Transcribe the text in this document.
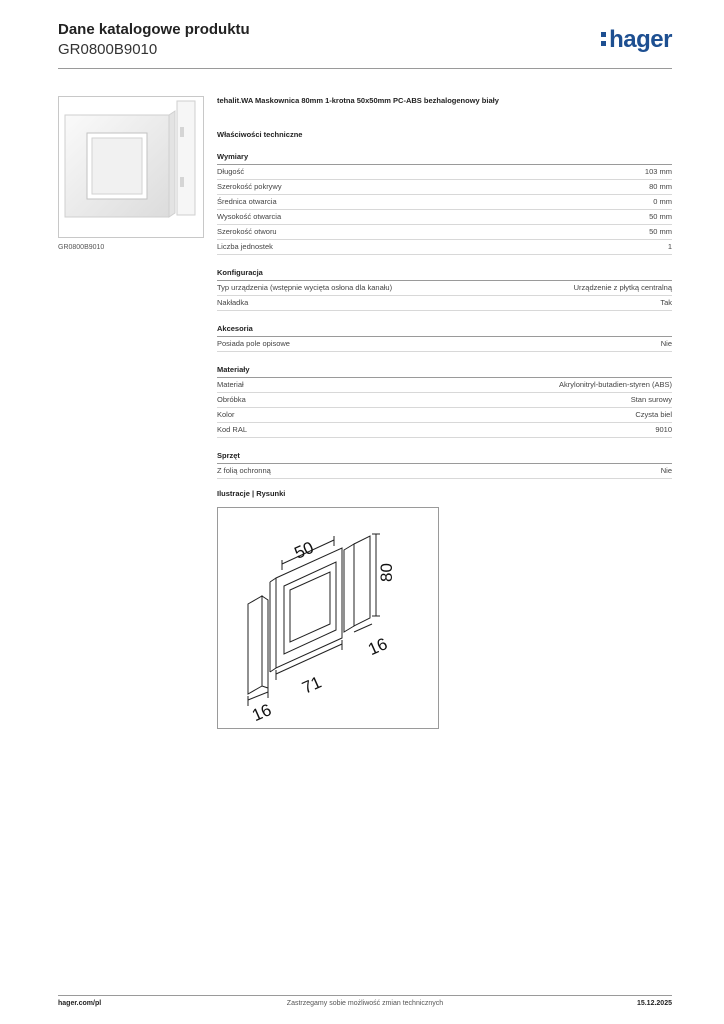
Dane katalogowe produktu
GR0800B9010	hager
GR0800B9010
tehalit.WA Maskownica 80mm 1-krotna 50x50mm PC-ABS bezhalogenowy biały
Właściwości techniczne
Wymiary
Długość	103 mm
Szerokość pokrywy	80 mm
Średnica otwarcia	0 mm
Wysokość otwarcia	50 mm
Szerokość otworu	50 mm
Liczba jednostek	1
Konfiguracja
Typ urządzenia (wstępnie wycięta osłona dla kanału)	Urządzenie z płytką centralną
Nakładka	Tak
Akcesoria
Posiada pole opisowe	Nie
Materiały
Materiał	Akrylonitryl-butadien-styren (ABS)
Obróbka	Stan surowy
Kolor	Czysta biel
Kod RAL	9010
Sprzęt
Z folią ochronną	Nie
Ilustracje | Rysunki
50
80
16
71
16
hager.com/pl	Zastrzegamy sobie możliwość zmian technicznych	15.12.2025
